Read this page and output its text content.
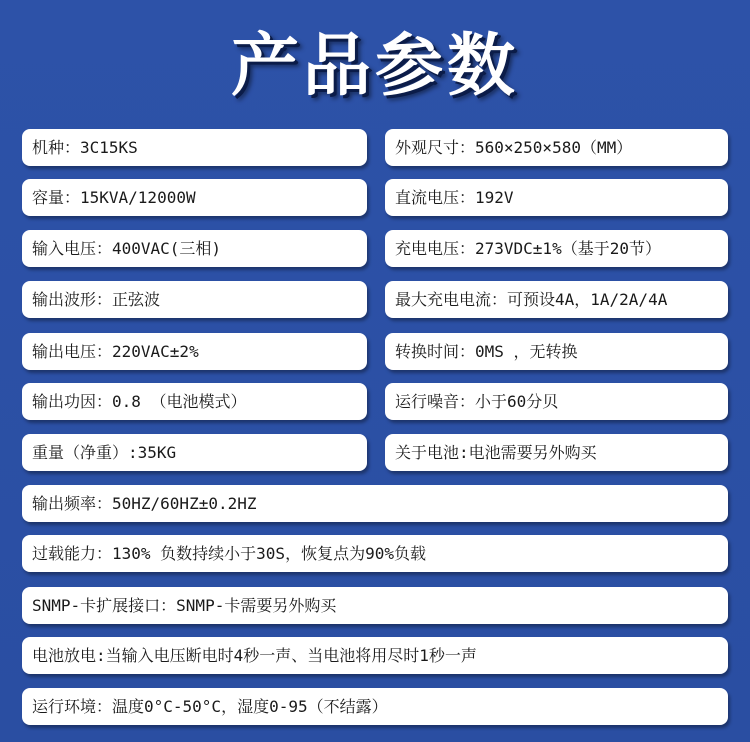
产品参数
机种：3C15KS	外观尺寸：560×250×580（MM）
容量：15KVA/12000W	直流电压：192V
输入电压：400VAC(三相)	充电电压：273VDC±1%（基于20节）
输出波形：正弦波	最大充电电流：可预设4A，1A/2A/4A
输出电压：220VAC±2%	转换时间：0MS ，无转换
输出功因：0.8 （电池模式）	运行噪音：小于60分贝
重量（净重）:35KG	关于电池:电池需要另外购买
输出频率：50HZ/60HZ±0.2HZ
过载能力：130% 负数持续小于30S，恢复点为90%负载
SNMP-卡扩展接口：SNMP-卡需要另外购买
电池放电:当输入电压断电时4秒一声、当电池将用尽时1秒一声
运行环境：温度0°C-50°C，湿度0-95（不结露）
